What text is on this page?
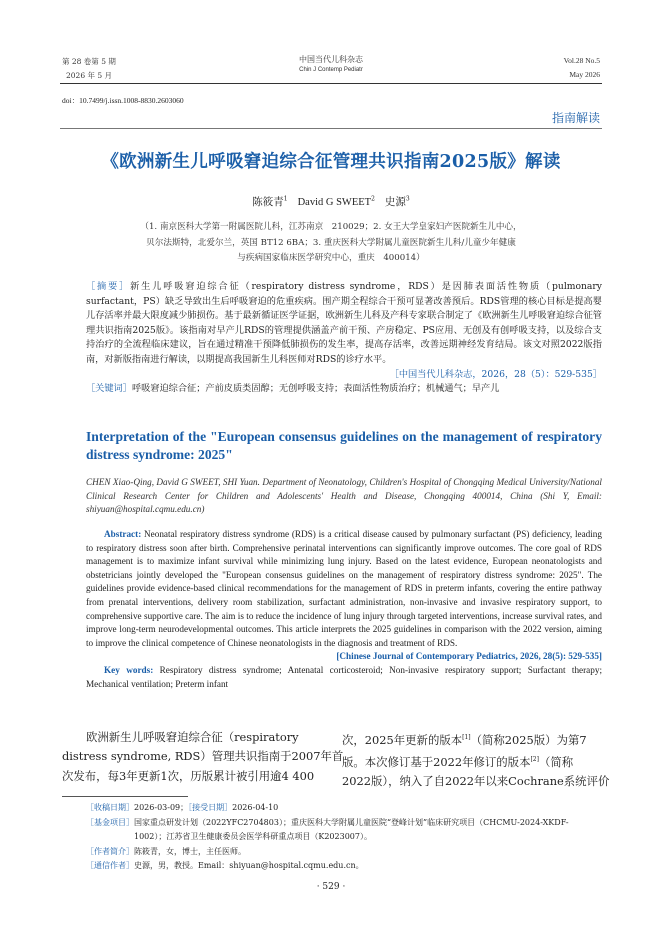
第 28 卷第 5 期
2026 年 5 月
中国当代儿科杂志
Chin J Contemp Pediatr
Vol.28 No.5
May 2026
doi：10.7499/j.issn.1008-8830.2603060
指南解读
《欧洲新生儿呼吸窘迫综合征管理共识指南2025版》解读
陈筱青$^1$ David G SWEET$^2$ 史源$^3$
（1. 南京医科大学第一附属医院儿科，江苏南京　210029；2. 女王大学皇家妇产医院新生儿中心，
贝尔法斯特，北爱尔兰，英国 BT12 6BA；3. 重庆医科大学附属儿童医院新生儿科/儿童少年健康
与疾病国家临床医学研究中心，重庆　400014）

［摘要］新生儿呼吸窘迫综合征（respiratory distress syndrome，RDS）是因肺表面活性物质（pulmonary surfactant，PS）缺乏导致出生后呼吸窘迫的危重疾病。围产期全程综合干预可显著改善预后。RDS管理的核心目标是提高婴儿存活率并最大限度减少肺损伤。基于最新循证医学证据，欧洲新生儿科及产科专家联合制定了《欧洲新生儿呼吸窘迫综合征管理共识指南2025版》。该指南对早产儿RDS的管理提供涵盖产前干预、产房稳定、PS应用、无创及有创呼吸支持，以及综合支持治疗的全流程临床建议，旨在通过精准干预降低肺损伤的发生率，提高存活率，改善远期神经发育结局。该文对照2022版指南，对新版指南进行解读，以期提高我国新生儿科医师对RDS的诊疗水平。
［中国当代儿科杂志，2026，28（5）：529-535］

［关键词］呼吸窘迫综合征；产前皮质类固醇；无创呼吸支持；表面活性物质治疗；机械通气；早产儿

Interpretation of the "European consensus guidelines on the management of respiratory distress syndrome: 2025"
CHEN Xiao-Qing, David G SWEET, SHI Yuan. Department of Neonatology, Children's Hospital of Chongqing Medical University/National Clinical Research Center for Children and Adolescents' Health and Disease, Chongqing 400014, China (Shi Y, Email: shiyuan@hospital.cqmu.edu.cn)

Abstract: Neonatal respiratory distress syndrome (RDS) is a critical disease caused by pulmonary surfactant (PS) deficiency, leading to respiratory distress soon after birth. Comprehensive perinatal interventions can significantly improve outcomes. The core goal of RDS management is to maximize infant survival while minimizing lung injury. Based on the latest evidence, European neonatologists and obstetricians jointly developed the "European consensus guidelines on the management of respiratory distress syndrome: 2025". The guidelines provide evidence-based clinical recommendations for the management of RDS in preterm infants, covering the entire pathway from prenatal interventions, delivery room stabilization, surfactant administration, non-invasive and invasive respiratory support, to comprehensive supportive care. The aim is to reduce the incidence of lung injury through targeted interventions, increase survival rates, and improve long-term neurodevelopmental outcomes. This article interprets the 2025 guidelines in comparison with the 2022 version, aiming to improve the clinical competence of Chinese neonatologists in the diagnosis and treatment of RDS.
[Chinese Journal of Contemporary Pediatrics, 2026, 28(5): 529-535]

Key words: Respiratory distress syndrome; Antenatal corticosteroid; Non-invasive respiratory support; Surfactant therapy; Mechanical ventilation; Preterm infant

欧洲新生儿呼吸窘迫综合征（respiratory
distress syndrome, RDS）管理共识指南于2007年首
次发布，每3年更新1次，历版累计被引用逾4 400
次，2025年更新的版本[1]（简称2025版）为第7
版。本次修订基于2022年修订的版本[2]（简称
2022版），纳入了自2022年以来Cochrane系统评价
［收稿日期］2026-03-09；［接受日期］2026-04-10
［基金项目］国家重点研发计划（2022YFC2704803）；重庆医科大学附属儿童医院“登峰计划”临床研究项目（CHCMU-2024-XKDF-
1002）；江苏省卫生健康委员会医学科研重点项目（K2023007）。
［作者简介］陈筱青，女，博士，主任医师。
［通信作者］史源，男，教授。Email：shiyuan@hospital.cqmu.edu.cn。
· 529 ·
